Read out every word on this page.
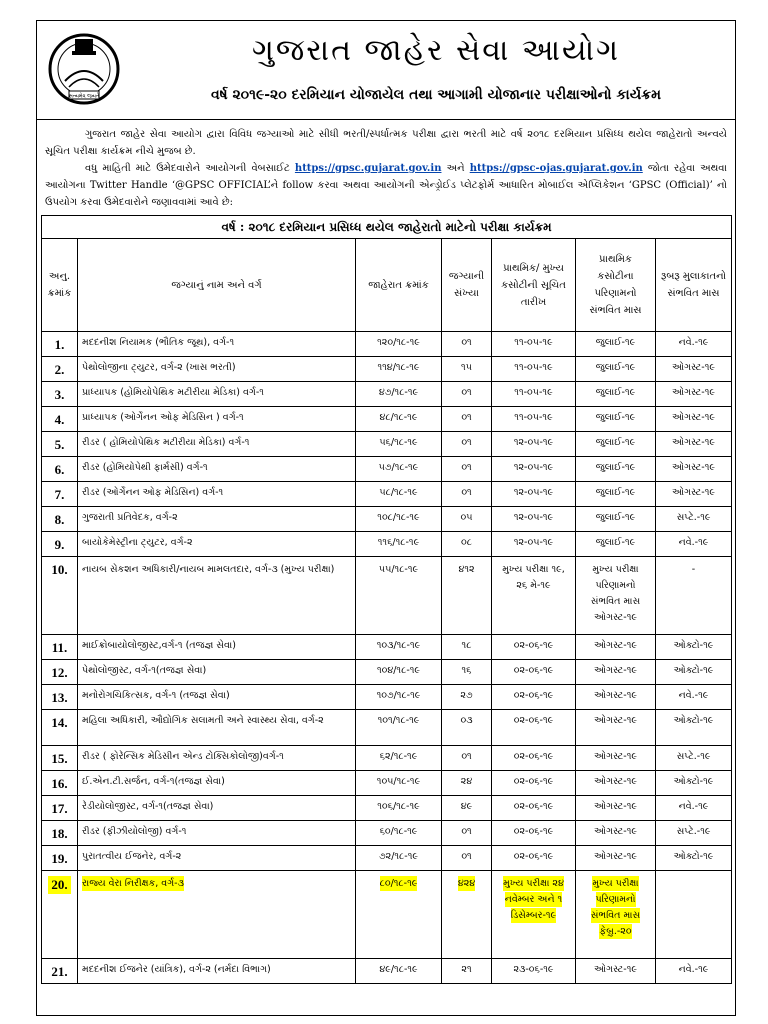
સત્યમેવ જયતે
ગુજરાત જાહેર સેવા આયોગ
વર્ષ ૨૦૧૯-૨૦ દરમિયાન યોજાયેલ તથા આગામી યોજાનાર પરીક્ષાઓનો કાર્યક્રમ

ગુજરાત જાહેર સેવા આયોગ દ્વારા વિવિધ જગ્યાઓ માટે સીધી ભરતી/સ્પર્ધાત્મક પરીક્ષા દ્વારા ભરતી માટે વર્ષ ૨૦૧૮ દરમિયાન પ્રસિધ્ધ થયેલ જાહેરાતો અન્વયે સૂચિત પરીક્ષા કાર્યક્રમ નીચે મુજબ છે.

વધુ માહિતી માટે ઉમેદવારોને આયોગની વેબસાઈટ https://gpsc.gujarat.gov.in અને https://gpsc-ojas.gujarat.gov.in જોતા રહેવા અથવા આયોગના Twitter Handle ‘@GPSC OFFICIAL’ને follow કરવા અથવા આયોગની એન્ડ્રોઈડ પ્લેટફોર્મ આધારિત મોબાઈલ એપ્લિકેશન ‘GPSC (Official)’ નો ઉપયોગ કરવા ઉમેદવારોને જણાવવામાં આવે છે:

વર્ષ : ૨૦૧૮ દરમિયાન પ્રસિધ્ધ થયેલ જાહેરાતો માટેનો પરીક્ષા કાર્યક્રમ						
અનુ. ક્રમાંક	જગ્યાનું નામ અને વર્ગ	જાહેરાત ક્રમાંક	જગ્યાની સંખ્યા	પ્રાથમિક/ મુખ્ય કસોટીની સૂચિત તારીખ	પ્રાથમિક કસોટીના પરિણામનો સંભવિત માસ	રૂબરૂ મુલાકાતનો સંભવિત માસ
1.	મદદનીશ નિયામક (ભૌતિક જૂથ), વર્ગ-૧	૧૨૦/૧૮-૧૯	૦૧	૧૧-૦૫-૧૯	જુલાઈ-૧૯	નવે.-૧૯
2.	પેથોલોજીના ટ્યુટર, વર્ગ-૨ (ખાસ ભરતી)	૧૧૪/૧૮-૧૯	૧૫	૧૧-૦૫-૧૯	જુલાઈ-૧૯	ઓગસ્ટ-૧૯
3.	પ્રાધ્યાપક (હોમિયોપેથિક મટીરીયા મેડિકા) વર્ગ-૧	૪૭/૧૮-૧૯	૦૧	૧૧-૦૫-૧૯	જુલાઈ-૧૯	ઓગસ્ટ-૧૯
4.	પ્રાધ્યાપક (ઓર્ગેનન ઓફ મેડિસિન ) વર્ગ-૧	૪૮/૧૮-૧૯	૦૧	૧૧-૦૫-૧૯	જુલાઈ-૧૯	ઓગસ્ટ-૧૯
5.	રીડર ( હોમિયોપેથિક મટીરીયા મેડિકા) વર્ગ-૧	૫૬/૧૮-૧૯	૦૧	૧૨-૦૫-૧૯	જુલાઈ-૧૯	ઓગસ્ટ-૧૯
6.	રીડર (હોમિયોપેથી ફાર્મસી) વર્ગ-૧	૫૭/૧૮-૧૯	૦૧	૧૨-૦૫-૧૯	જુલાઈ-૧૯	ઓગસ્ટ-૧૯
7.	રીડર (ઓર્ગેનન ઓફ મેડિસિન) વર્ગ-૧	૫૮/૧૮-૧૯	૦૧	૧૨-૦૫-૧૯	જુલાઈ-૧૯	ઓગસ્ટ-૧૯
8.	ગુજરાતી પ્રતિવેદક, વર્ગ-૨	૧૦૮/૧૮-૧૯	૦૫	૧૨-૦૫-૧૯	જુલાઈ-૧૯	સપ્ટે.-૧૯
9.	બાયોકેમેસ્ટ્રીના ટ્યુટર, વર્ગ-૨	૧૧૬/૧૮-૧૯	૦૮	૧૨-૦૫-૧૯	જુલાઈ-૧૯	નવે.-૧૯
10.	નાયબ સેકશન અધિકારી/નાયબ મામલતદાર, વર્ગ-૩ (મુખ્ય પરીક્ષા)	૫૫/૧૮-૧૯	૪૧૨	મુખ્ય પરીક્ષા ૧૯, ૨૬ મે-૧૯	મુખ્ય પરીક્ષા પરિણામનો સંભવિત માસ ઓગસ્ટ-૧૯	-
11.	માઈક્રોબાયોલોજીસ્ટ,વર્ગ-૧ (તજજ્ઞ સેવા)	૧૦૩/૧૮-૧૯	૧૮	૦૨-૦૬-૧૯	ઓગસ્ટ-૧૯	ઓક્ટો-૧૯
12.	પેથોલોજીસ્ટ, વર્ગ-૧(તજજ્ઞ સેવા)	૧૦૪/૧૮-૧૯	૧૬	૦૨-૦૬-૧૯	ઓગસ્ટ-૧૯	ઓક્ટો-૧૯
13.	મનોરોગચિકિત્સક, વર્ગ-૧ (તજજ્ઞ સેવા)	૧૦૭/૧૮-૧૯	૨૭	૦૨-૦૬-૧૯	ઓગસ્ટ-૧૯	નવે.-૧૯
14.	મહિલા અધિકારી, ઔદ્યોગિક સલામતી અને સ્વાસ્થ્ય સેવા, વર્ગ-૨	૧૦૧/૧૮-૧૯	૦૩	૦૨-૦૬-૧૯	ઓગસ્ટ-૧૯	ઓક્ટો-૧૯
15.	રીડર ( ફોરેન્સિક મેડિસીન એન્ડ ટોક્સિકોલોજી)વર્ગ-૧	૬૨/૧૮-૧૯	૦૧	૦૨-૦૬-૧૯	ઓગસ્ટ-૧૯	સપ્ટે.-૧૯
16.	ઈ.એન.ટી.સર્જન, વર્ગ-૧(તજજ્ઞ સેવા)	૧૦૫/૧૮-૧૯	૨૪	૦૨-૦૬-૧૯	ઓગસ્ટ-૧૯	ઓક્ટો-૧૯
17.	રેડીયોલોજીસ્ટ, વર્ગ-૧(તજજ્ઞ સેવા)	૧૦૬/૧૮-૧૯	૪૯	૦૨-૦૬-૧૯	ઓગસ્ટ-૧૯	નવે.-૧૯
18.	રીડર (ફીઝીયોલોજી) વર્ગ-૧	૬૦/૧૮-૧૯	૦૧	૦૨-૦૬-૧૯	ઓગસ્ટ-૧૯	સપ્ટે.-૧૯
19.	પુરાતત્વીય ઈજનેર, વર્ગ-૨	૭૨/૧૮-૧૯	૦૧	૦૨-૦૬-૧૯	ઓગસ્ટ-૧૯	ઓક્ટો-૧૯
20.	રાજ્ય વેરા નિરીક્ષક, વર્ગ-૩	૮૦/૧૮-૧૯	૪૨૪	મુખ્ય પરીક્ષા ૨૪ નવેમ્બર અને ૧ ડિસેમ્બર-૧૯	મુખ્ય પરીક્ષા પરિણામનો સંભવિત માસ ફેબ્રુ.-૨૦	
21.	મદદનીશ ઈજનેર (યાંત્રિક), વર્ગ-૨ (નર્મદા વિભાગ)	૪૯/૧૮-૧૯	૨૧	૨૩-૦૬-૧૯	ઓગસ્ટ-૧૯	નવે.-૧૯
